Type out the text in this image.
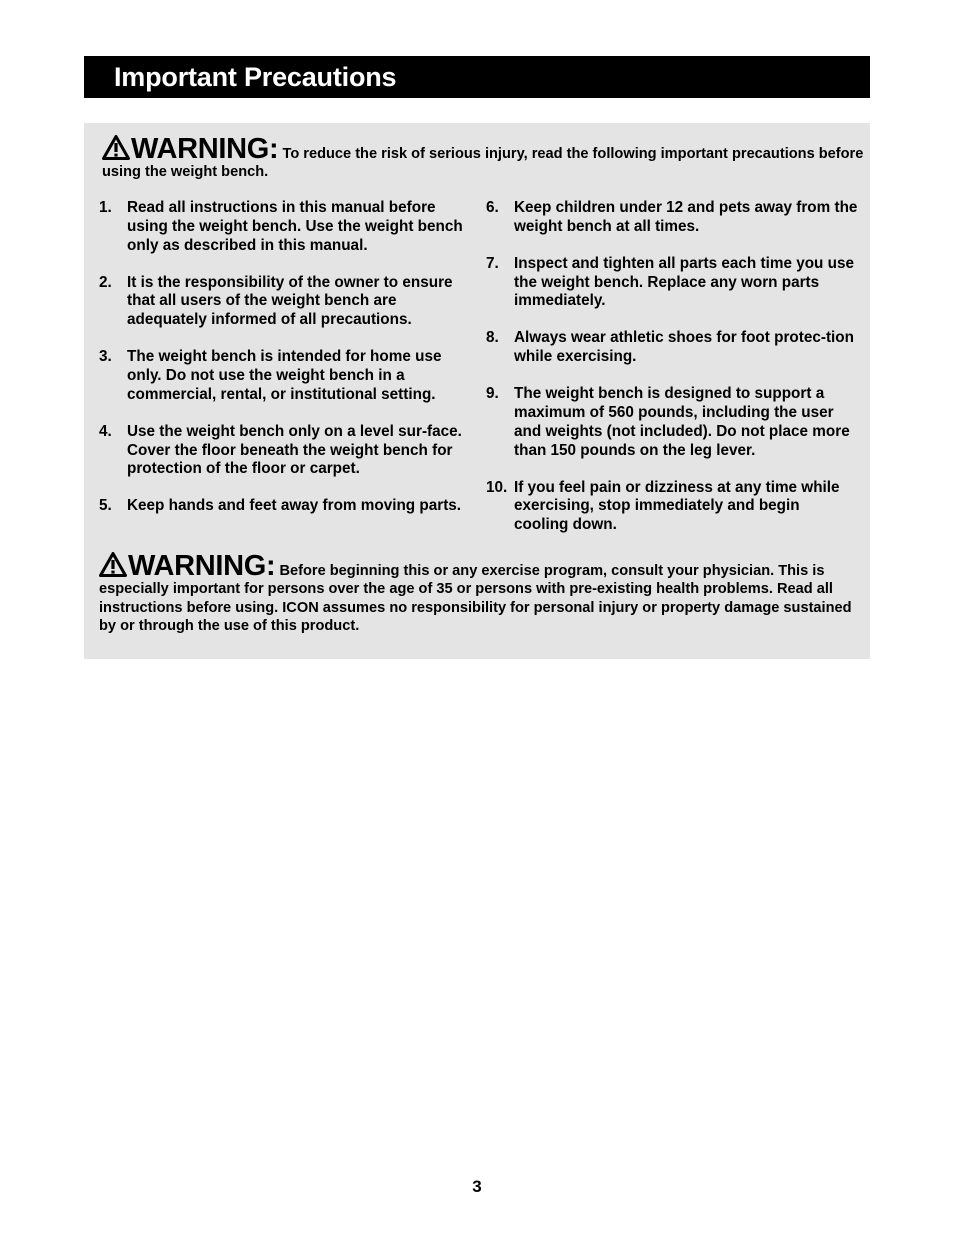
Important Precautions
WARNING: To reduce the risk of serious injury, read the following important precautions before using the weight bench.
1. Read all instructions in this manual before using the weight bench. Use the weight bench only as described in this manual.
2. It is the responsibility of the owner to ensure that all users of the weight bench are adequately informed of all precautions.
3. The weight bench is intended for home use only. Do not use the weight bench in a commercial, rental, or institutional setting.
4. Use the weight bench only on a level sur-face. Cover the floor beneath the weight bench for protection of the floor or carpet.
5. Keep hands and feet away from moving parts.
6. Keep children under 12 and pets away from the weight bench at all times.
7. Inspect and tighten all parts each time you use the weight bench. Replace any worn parts immediately.
8. Always wear athletic shoes for foot protec-tion while exercising.
9. The weight bench is designed to support a maximum of 560 pounds, including the user and weights (not included). Do not place more than 150 pounds on the leg lever.
10. If you feel pain or dizziness at any time while exercising, stop immediately and begin cooling down.
WARNING: Before beginning this or any exercise program, consult your physician. This is especially important for persons over the age of 35 or persons with pre-existing health problems. Read all instructions before using. ICON assumes no responsibility for personal injury or property damage sustained by or through the use of this product.
3
